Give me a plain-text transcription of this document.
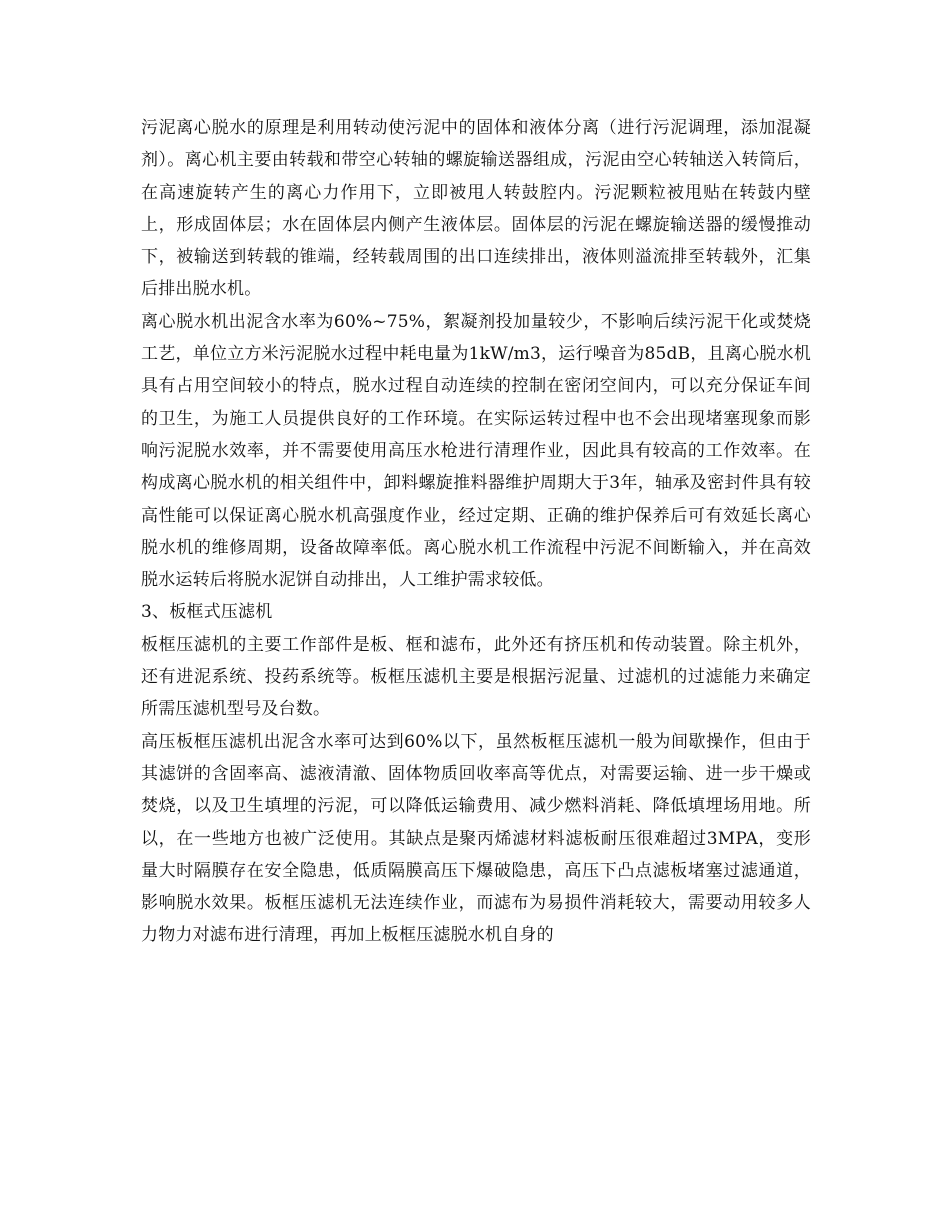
污泥离心脱水的原理是利用转动使污泥中的固体和液体分离（进行污泥调理，添加混凝剂）。离心机主要由转载和带空心转轴的螺旋输送器组成，污泥由空心转轴送入转筒后，在高速旋转产生的离心力作用下，立即被甩人转鼓腔内。污泥颗粒被甩贴在转鼓内壁上，形成固体层；水在固体层内侧产生液体层。固体层的污泥在螺旋输送器的缓慢推动下，被输送到转载的锥端，经转载周围的出口连续排出，液体则溢流排至转载外，汇集后排出脱水机。

离心脱水机出泥含水率为60%~75%，絮凝剂投加量较少，不影响后续污泥干化或焚烧工艺，单位立方米污泥脱水过程中耗电量为1kW/m3，运行噪音为85dB，且离心脱水机具有占用空间较小的特点，脱水过程自动连续的控制在密闭空间内，可以充分保证车间的卫生，为施工人员提供良好的工作环境。在实际运转过程中也不会出现堵塞现象而影响污泥脱水效率，并不需要使用高压水枪进行清理作业，因此具有较高的工作效率。在构成离心脱水机的相关组件中，卸料螺旋推料器维护周期大于3年，轴承及密封件具有较高性能可以保证离心脱水机高强度作业，经过定期、正确的维护保养后可有效延长离心脱水机的维修周期，设备故障率低。离心脱水机工作流程中污泥不间断输入，并在高效脱水运转后将脱水泥饼自动排出，人工维护需求较低。

3、板框式压滤机

板框压滤机的主要工作部件是板、框和滤布，此外还有挤压机和传动装置。除主机外，还有进泥系统、投药系统等。板框压滤机主要是根据污泥量、过滤机的过滤能力来确定所需压滤机型号及台数。

高压板框压滤机出泥含水率可达到60%以下，虽然板框压滤机一般为间歇操作，但由于其滤饼的含固率高、滤液清澈、固体物质回收率高等优点，对需要运输、进一步干燥或焚烧，以及卫生填埋的污泥，可以降低运输费用、减少燃料消耗、降低填埋场用地。所以，在一些地方也被广泛使用。其缺点是聚丙烯滤材料滤板耐压很难超过3MPA，变形量大时隔膜存在安全隐患，低质隔膜高压下爆破隐患，高压下凸点滤板堵塞过滤通道，影响脱水效果。板框压滤机无法连续作业，而滤布为易损件消耗较大，需要动用较多人力物力对滤布进行清理，再加上板框压滤脱水机自身的
